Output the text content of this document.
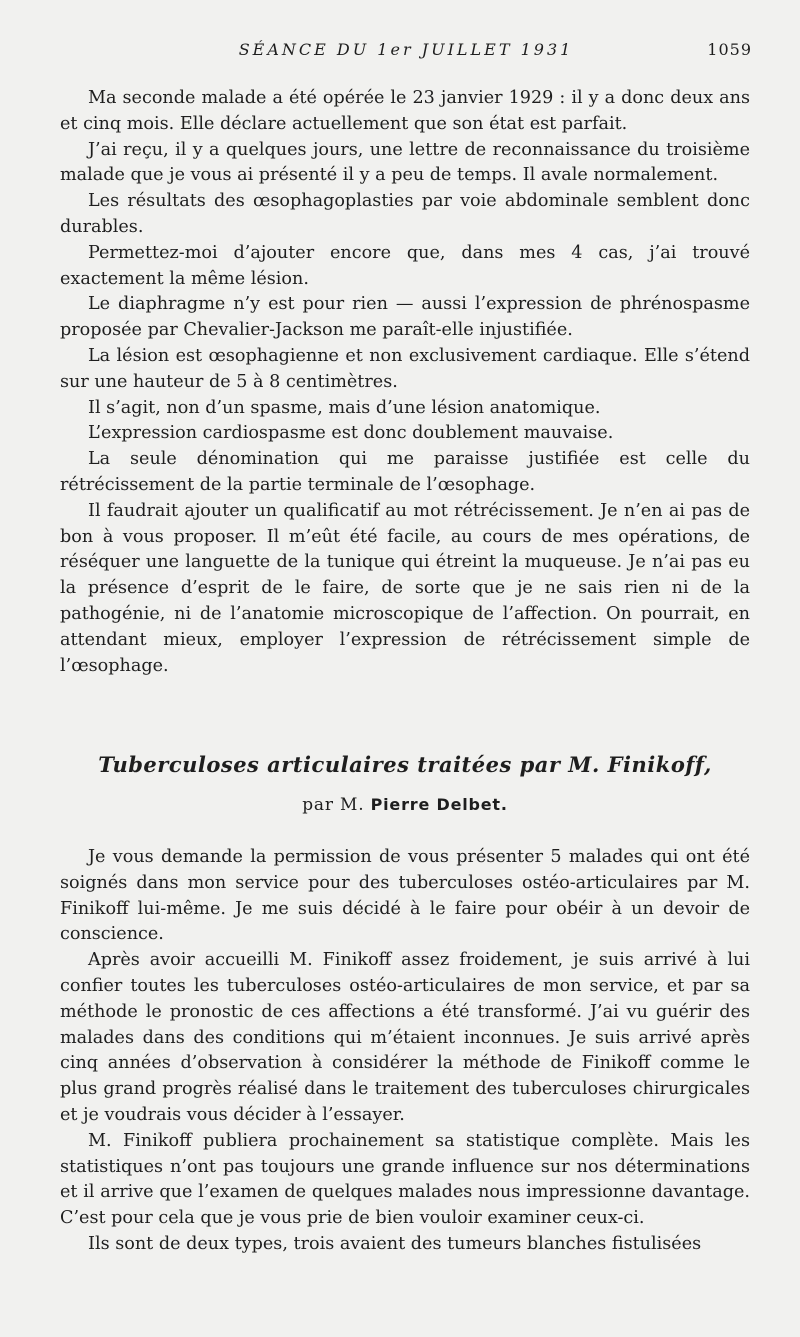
SÉANCE DU 1er JUILLET 1931	1059

Ma seconde malade a été opérée le 23 janvier 1929 : il y a donc deux ans et cinq mois. Elle déclare actuellement que son état est parfait.

J’ai reçu, il y a quelques jours, une lettre de reconnaissance du troisième malade que je vous ai présenté il y a peu de temps. Il avale normalement.

Les résultats des œsophagoplasties par voie abdominale semblent donc durables.

Permettez-moi d’ajouter encore que, dans mes 4 cas, j’ai trouvé exactement la même lésion.

Le diaphragme n’y est pour rien — aussi l’expression de phrénospasme proposée par Chevalier-Jackson me paraît-elle injustifiée.

La lésion est œsophagienne et non exclusivement cardiaque. Elle s’étend sur une hauteur de 5 à 8 centimètres.

Il s’agit, non d’un spasme, mais d’une lésion anatomique.

L’expression cardiospasme est donc doublement mauvaise.

La seule dénomination qui me paraisse justifiée est celle du rétrécissement de la partie terminale de l’œsophage.

Il faudrait ajouter un qualificatif au mot rétrécissement. Je n’en ai pas de bon à vous proposer. Il m’eût été facile, au cours de mes opérations, de réséquer une languette de la tunique qui étreint la muqueuse. Je n’ai pas eu la présence d’esprit de le faire, de sorte que je ne sais rien ni de la pathogénie, ni de l’anatomie microscopique de l’affection. On pourrait, en attendant mieux, employer l’expression de rétrécissement simple de l’œsophage.

Tuberculoses articulaires traitées par M. Finikoff,
par M. Pierre Delbet.

Je vous demande la permission de vous présenter 5 malades qui ont été soignés dans mon service pour des tuberculoses ostéo-articulaires par M. Finikoff lui-même. Je me suis décidé à le faire pour obéir à un devoir de conscience.

Après avoir accueilli M. Finikoff assez froidement, je suis arrivé à lui confier toutes les tuberculoses ostéo-articulaires de mon service, et par sa méthode le pronostic de ces affections a été transformé. J’ai vu guérir des malades dans des conditions qui m’étaient inconnues. Je suis arrivé après cinq années d’observation à considérer la méthode de Finikoff comme le plus grand progrès réalisé dans le traitement des tuberculoses chirurgicales et je voudrais vous décider à l’essayer.

M. Finikoff publiera prochainement sa statistique complète. Mais les statistiques n’ont pas toujours une grande influence sur nos déterminations et il arrive que l’examen de quelques malades nous impressionne davantage. C’est pour cela que je vous prie de bien vouloir examiner ceux-ci.

Ils sont de deux types, trois avaient des tumeurs blanches fistulisées
